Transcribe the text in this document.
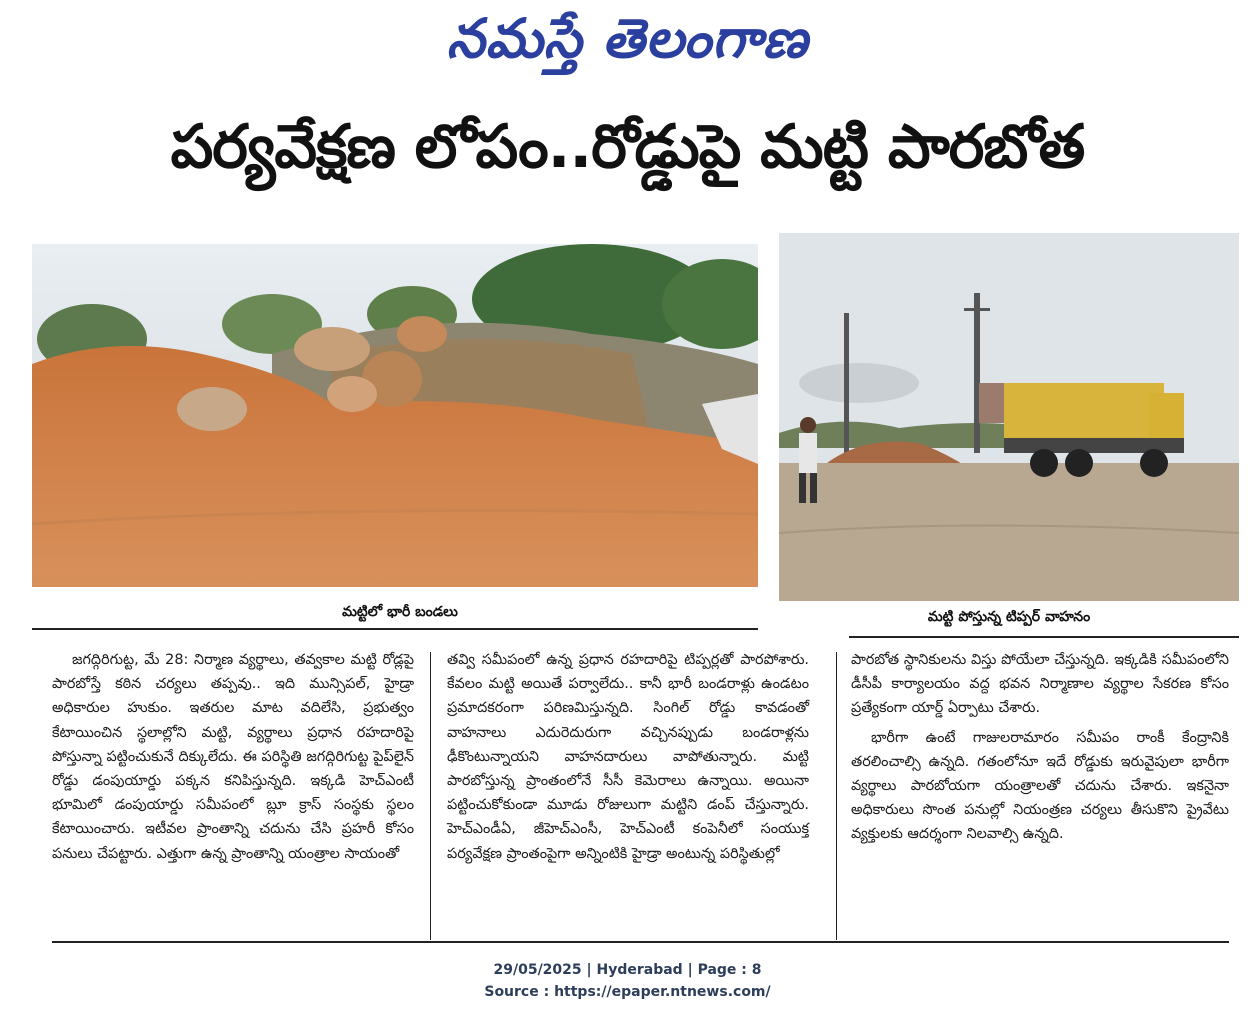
నమస్తే తెలంగాణ
పర్యవేక్షణ లోపం..రోడ్డుపై మట్టి పారబోత
మట్టిలో భారీ బండలు	మట్టి పోస్తున్న టిప్పర్ వాహనం

జగద్గిరిగుట్ట, మే 28: నిర్మాణ వ్యర్థాలు, తవ్వకాల మట్టి రోడ్లపై పారబోస్తే కఠిన చర్యలు తప్పవు.. ఇది మున్సిపల్, హైడ్రా అధికారుల హుకుం. ఇతరుల మాట వదిలేసి, ప్రభుత్వం కేటాయించిన స్థలాల్లోని మట్టి, వ్యర్థాలు ప్రధాన రహదారిపై పోస్తున్నా పట్టించుకునే దిక్కులేదు. ఈ పరిస్థితి జగద్గిరిగుట్ట పైప్‌లైన్ రోడ్డు డంపుయార్డు పక్కన కనిపిస్తున్నది. ఇక్కడి హెచ్ఎంటీ భూమిలో డంపుయార్డు సమీపంలో బ్లూ క్రాస్ సంస్థకు స్థలం కేటాయించారు. ఇటీవల ప్రాంతాన్ని చదును చేసి ప్రహరీ కోసం పనులు చేపట్టారు. ఎత్తుగా ఉన్న ప్రాంతాన్ని యంత్రాల సాయంతో

తవ్వి సమీపంలో ఉన్న ప్రధాన రహదారిపై టిప్పర్లతో పారపోశారు. కేవలం మట్టి అయితే పర్వాలేదు.. కానీ భారీ బండరాళ్లు ఉండటం ప్రమాదకరంగా పరిణమిస్తున్నది. సింగిల్ రోడ్డు కావడంతో వాహనాలు ఎదురెదురుగా వచ్చినప్పుడు బండరాళ్లను ఢీకొంటున్నాయని వాహనదారులు వాపోతున్నారు. మట్టి పారబోస్తున్న ప్రాంతంలోనే సీసీ కెమెరాలు ఉన్నాయి. అయినా పట్టించుకోకుండా మూడు రోజులుగా మట్టిని డంప్ చేస్తున్నారు. హెచ్ఎండీఏ, జీహెచ్ఎంసీ, హెచ్ఎంటీ కంపెనీలో సంయుక్త పర్యవేక్షణ ప్రాంతంపైగా అన్నింటికి హైడ్రా అంటున్న పరిస్థితుల్లో

పారబోత స్థానికులను విస్తు పోయేలా చేస్తున్నది. ఇక్కడికి సమీపంలోని డీసీపీ కార్యాలయం వద్ద భవన నిర్మాణాల వ్యర్థాల సేకరణ కోసం ప్రత్యేకంగా యార్డ్ ఏర్పాటు చేశారు.

భారీగా ఉంటే గాజులరామారం సమీపం రాంకీ కేంద్రానికి తరలించాల్సి ఉన్నది. గతంలోనూ ఇదే రోడ్డుకు ఇరువైపులా భారీగా వ్యర్థాలు పారబోయగా యంత్రాలతో చదును చేశారు. ఇకనైనా అధికారులు సొంత పనుల్లో నియంత్రణ చర్యలు తీసుకొని ప్రైవేటు వ్యక్తులకు ఆదర్శంగా నిలవాల్సి ఉన్నది.

29/05/2025 | Hyderabad | Page : 8
Source : https://epaper.ntnews.com/
